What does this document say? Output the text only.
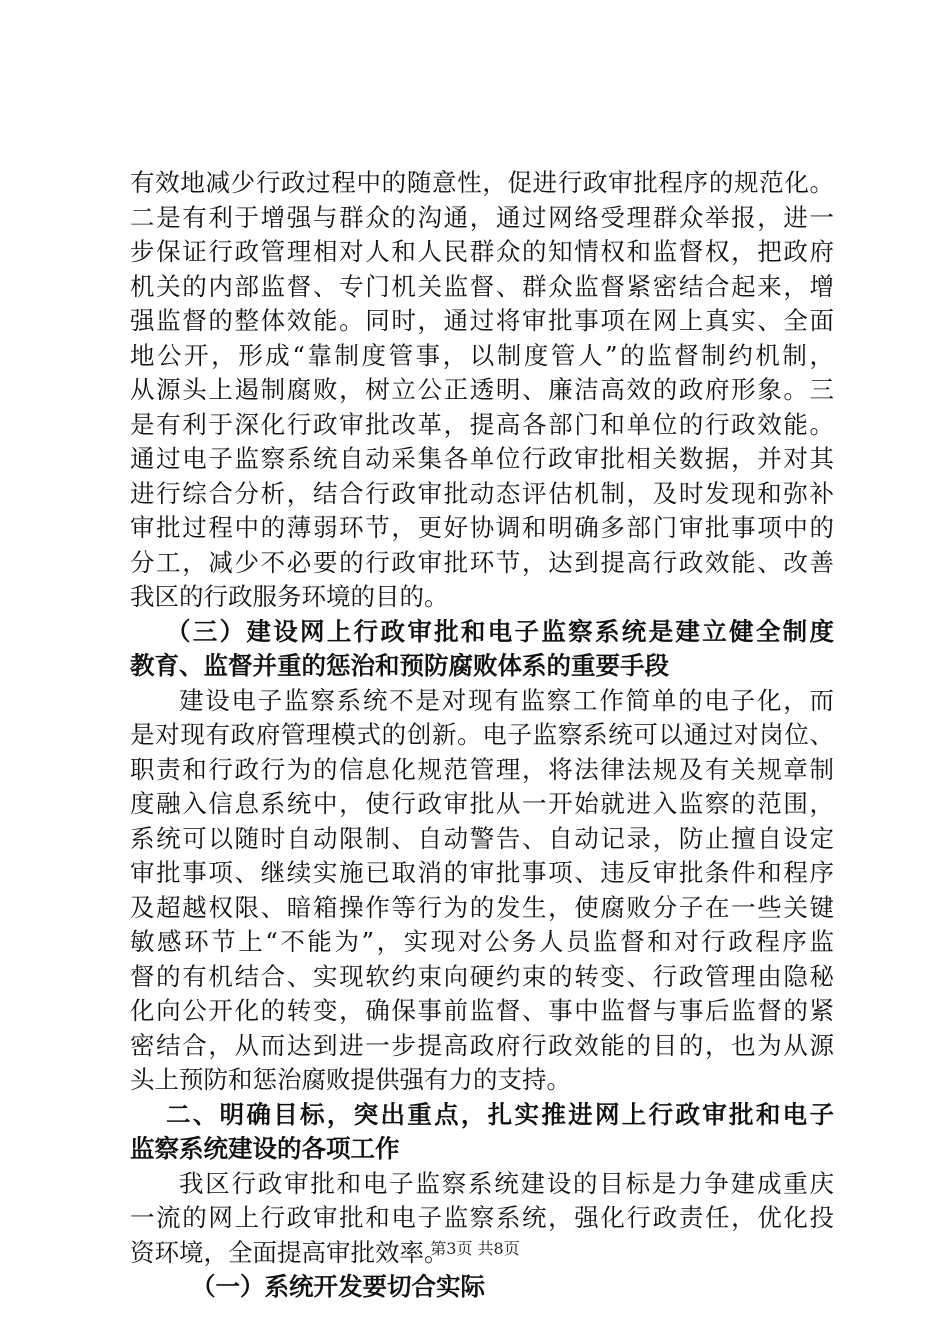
有效地减少行政过程中的随意性，促进行政审批程序的规范化。
二是有利于增强与群众的沟通，通过网络受理群众举报，进一
步保证行政管理相对人和人民群众的知情权和监督权，把政府
机关的内部监督、专门机关监督、群众监督紧密结合起来，增
强监督的整体效能。同时，通过将审批事项在网上真实、全面
地公开，形成“靠制度管事，以制度管人”的监督制约机制，
从源头上遏制腐败，树立公正透明、廉洁高效的政府形象。三
是有利于深化行政审批改革，提高各部门和单位的行政效能。
通过电子监察系统自动采集各单位行政审批相关数据，并对其
进行综合分析，结合行政审批动态评估机制，及时发现和弥补
审批过程中的薄弱环节，更好协调和明确多部门审批事项中的
分工，减少不必要的行政审批环节，达到提高行政效能、改善
我区的行政服务环境的目的。
（三）建设网上行政审批和电子监察系统是建立健全制度
教育、监督并重的惩治和预防腐败体系的重要手段
建设电子监察系统不是对现有监察工作简单的电子化，而
是对现有政府管理模式的创新。电子监察系统可以通过对岗位、
职责和行政行为的信息化规范管理，将法律法规及有关规章制
度融入信息系统中，使行政审批从一开始就进入监察的范围，
系统可以随时自动限制、自动警告、自动记录，防止擅自设定
审批事项、继续实施已取消的审批事项、违反审批条件和程序
及超越权限、暗箱操作等行为的发生，使腐败分子在一些关键
敏感环节上“不能为”，实现对公务人员监督和对行政程序监
督的有机结合、实现软约束向硬约束的转变、行政管理由隐秘
化向公开化的转变，确保事前监督、事中监督与事后监督的紧
密结合，从而达到进一步提高政府行政效能的目的，也为从源
头上预防和惩治腐败提供强有力的支持。
二、明确目标，突出重点，扎实推进网上行政审批和电子
监察系统建设的各项工作
我区行政审批和电子监察系统建设的目标是力争建成重庆
一流的网上行政审批和电子监察系统，强化行政责任，优化投
资环境，全面提高审批效率。
（一）系统开发要切合实际
第3页 共8页
